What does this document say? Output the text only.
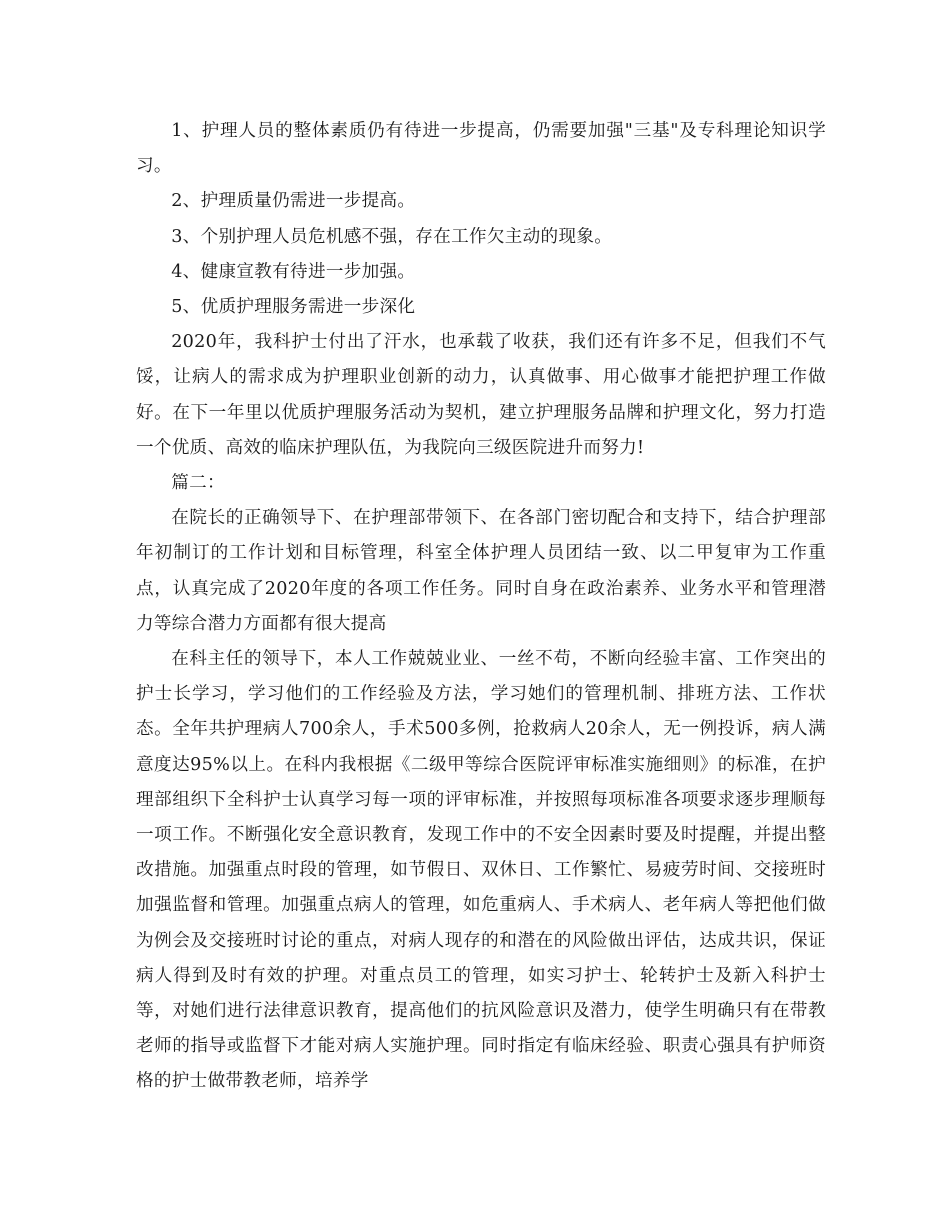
1、护理人员的整体素质仍有待进一步提高，仍需要加强"三基"及专科理论知识学习。

2、护理质量仍需进一步提高。

3、个别护理人员危机感不强，存在工作欠主动的现象。

4、健康宣教有待进一步加强。

5、优质护理服务需进一步深化

2020年，我科护士付出了汗水，也承载了收获，我们还有许多不足，但我们不气馁，让病人的需求成为护理职业创新的动力，认真做事、用心做事才能把护理工作做好。在下一年里以优质护理服务活动为契机，建立护理服务品牌和护理文化，努力打造一个优质、高效的临床护理队伍，为我院向三级医院进升而努力!

篇二：

在院长的正确领导下、在护理部带领下、在各部门密切配合和支持下，结合护理部年初制订的工作计划和目标管理，科室全体护理人员团结一致、以二甲复审为工作重点，认真完成了2020年度的各项工作任务。同时自身在政治素养、业务水平和管理潜力等综合潜力方面都有很大提高

在科主任的领导下，本人工作兢兢业业、一丝不苟，不断向经验丰富、工作突出的护士长学习，学习他们的工作经验及方法，学习她们的管理机制、排班方法、工作状态。全年共护理病人700余人，手术500多例，抢救病人20余人，无一例投诉，病人满意度达95%以上。在科内我根据《二级甲等综合医院评审标准实施细则》的标准，在护理部组织下全科护士认真学习每一项的评审标准，并按照每项标准各项要求逐步理顺每一项工作。不断强化安全意识教育，发现工作中的不安全因素时要及时提醒，并提出整改措施。加强重点时段的管理，如节假日、双休日、工作繁忙、易疲劳时间、交接班时加强监督和管理。加强重点病人的管理，如危重病人、手术病人、老年病人等把他们做为例会及交接班时讨论的重点，对病人现存的和潜在的风险做出评估，达成共识，保证病人得到及时有效的护理。对重点员工的管理，如实习护士、轮转护士及新入科护士等，对她们进行法律意识教育，提高他们的抗风险意识及潜力，使学生明确只有在带教老师的指导或监督下才能对病人实施护理。同时指定有临床经验、职责心强具有护师资格的护士做带教老师，培养学
